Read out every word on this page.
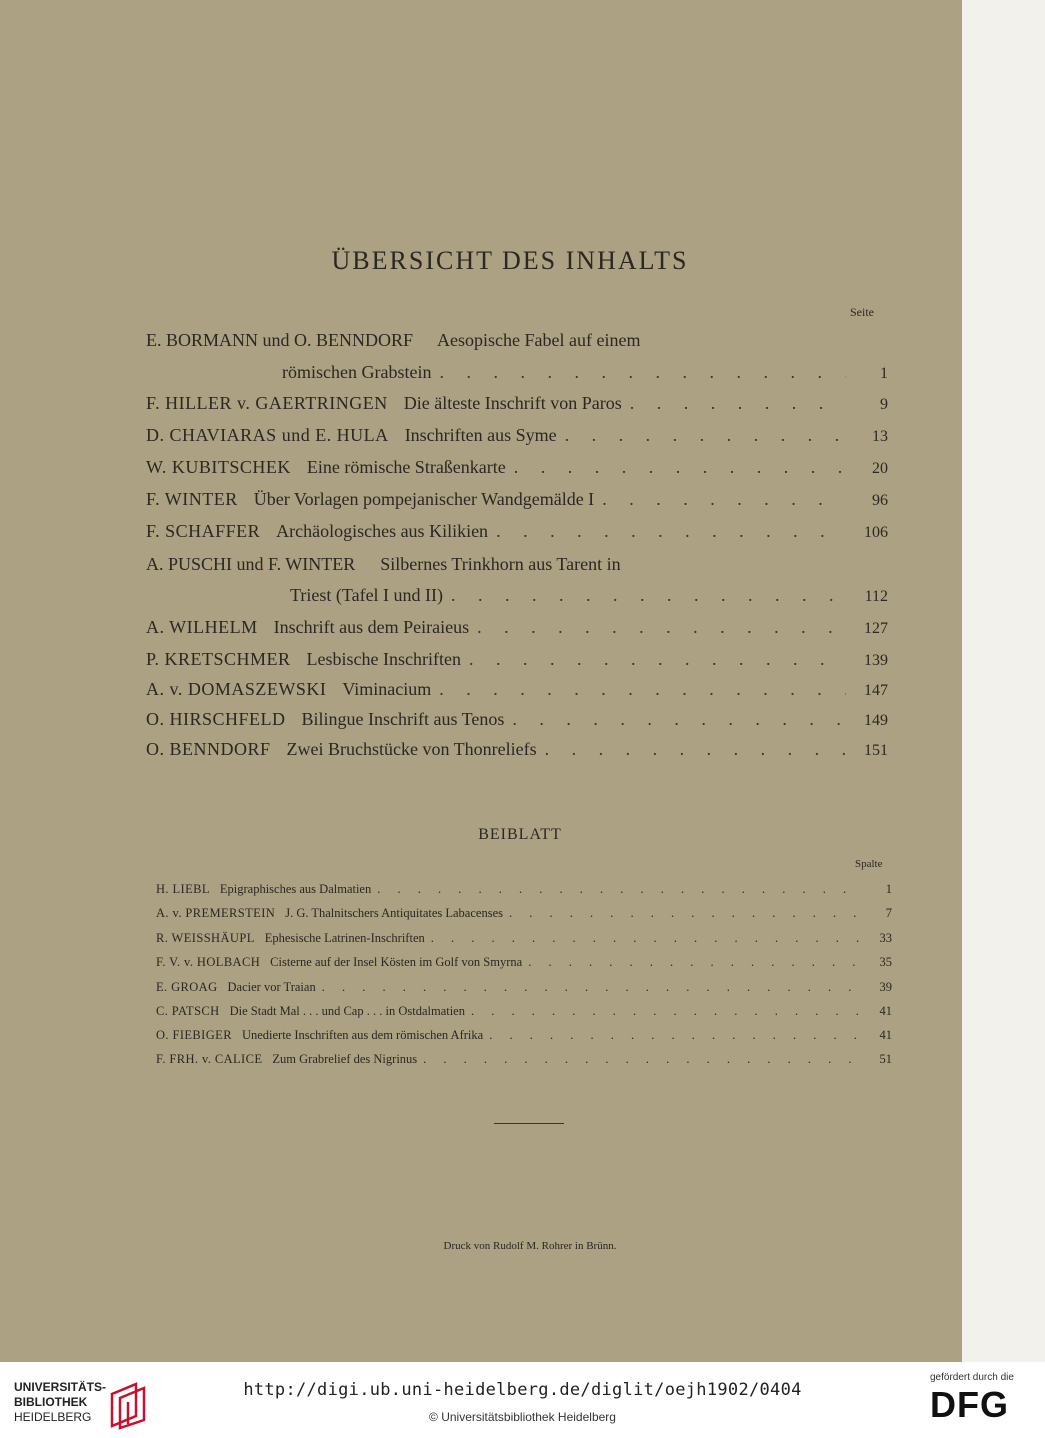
ÜBERSICHT DES INHALTS
Seite
E. BORMANN und O. BENNDORF Aesopische Fabel auf einem
römischen Grabstein . . .	1
F. HILLER v. GAERTRINGEN Die älteste Inschrift von Paros . . .	9
D. CHAVIARAS und E. HULA Inschriften aus Syme . . .	13
W. KUBITSCHEK Eine römische Straßenkarte . . .	20
F. WINTER Über Vorlagen pompejanischer Wandgemälde I . . .	96
F. SCHAFFER Archäologisches aus Kilikien . . .	106
A. PUSCHI und F. WINTER Silbernes Trinkhorn aus Tarent in
Triest (Tafel I und II) . . .	112
A. WILHELM Inschrift aus dem Peiraieus . . .	127
P. KRETSCHMER Lesbische Inschriften . . .	139
A. v. DOMASZEWSKI Viminacium . . .	147
O. HIRSCHFELD Bilingue Inschrift aus Tenos . . .	149
O. BENNDORF Zwei Bruchstücke von Thonreliefs . . .	151
BEIBLATT
Spalte
H. LIEBL Epigraphisches aus Dalmatien . . .	1
A. v. PREMERSTEIN J. G. Thalnitschers Antiquitates Labacenses . . .	7
R. WEISSHÄUPL Ephesische Latrinen-Inschriften . . .	33
F. V. v. HOLBACH Cisterne auf der Insel Kösten im Golf von Smyrna . . .	35
E. GROAG Dacier vor Traian . . .	39
C. PATSCH Die Stadt Mal . . . und Cap . . . in Ostdalmatien . . .	41
O. FIEBIGER Unedierte Inschriften aus dem römischen Afrika . . .	41
F. FRH. v. CALICE Zum Grabrelief des Nigrinus . . .	51
Druck von Rudolf M. Rohrer in Brünn.
UNIVERSITÄTS-
BIBLIOTHEK
HEIDELBERG
http://digi.ub.uni-heidelberg.de/diglit/oejh1902/0404
© Universitätsbibliothek Heidelberg
gefördert durch die
DFG
